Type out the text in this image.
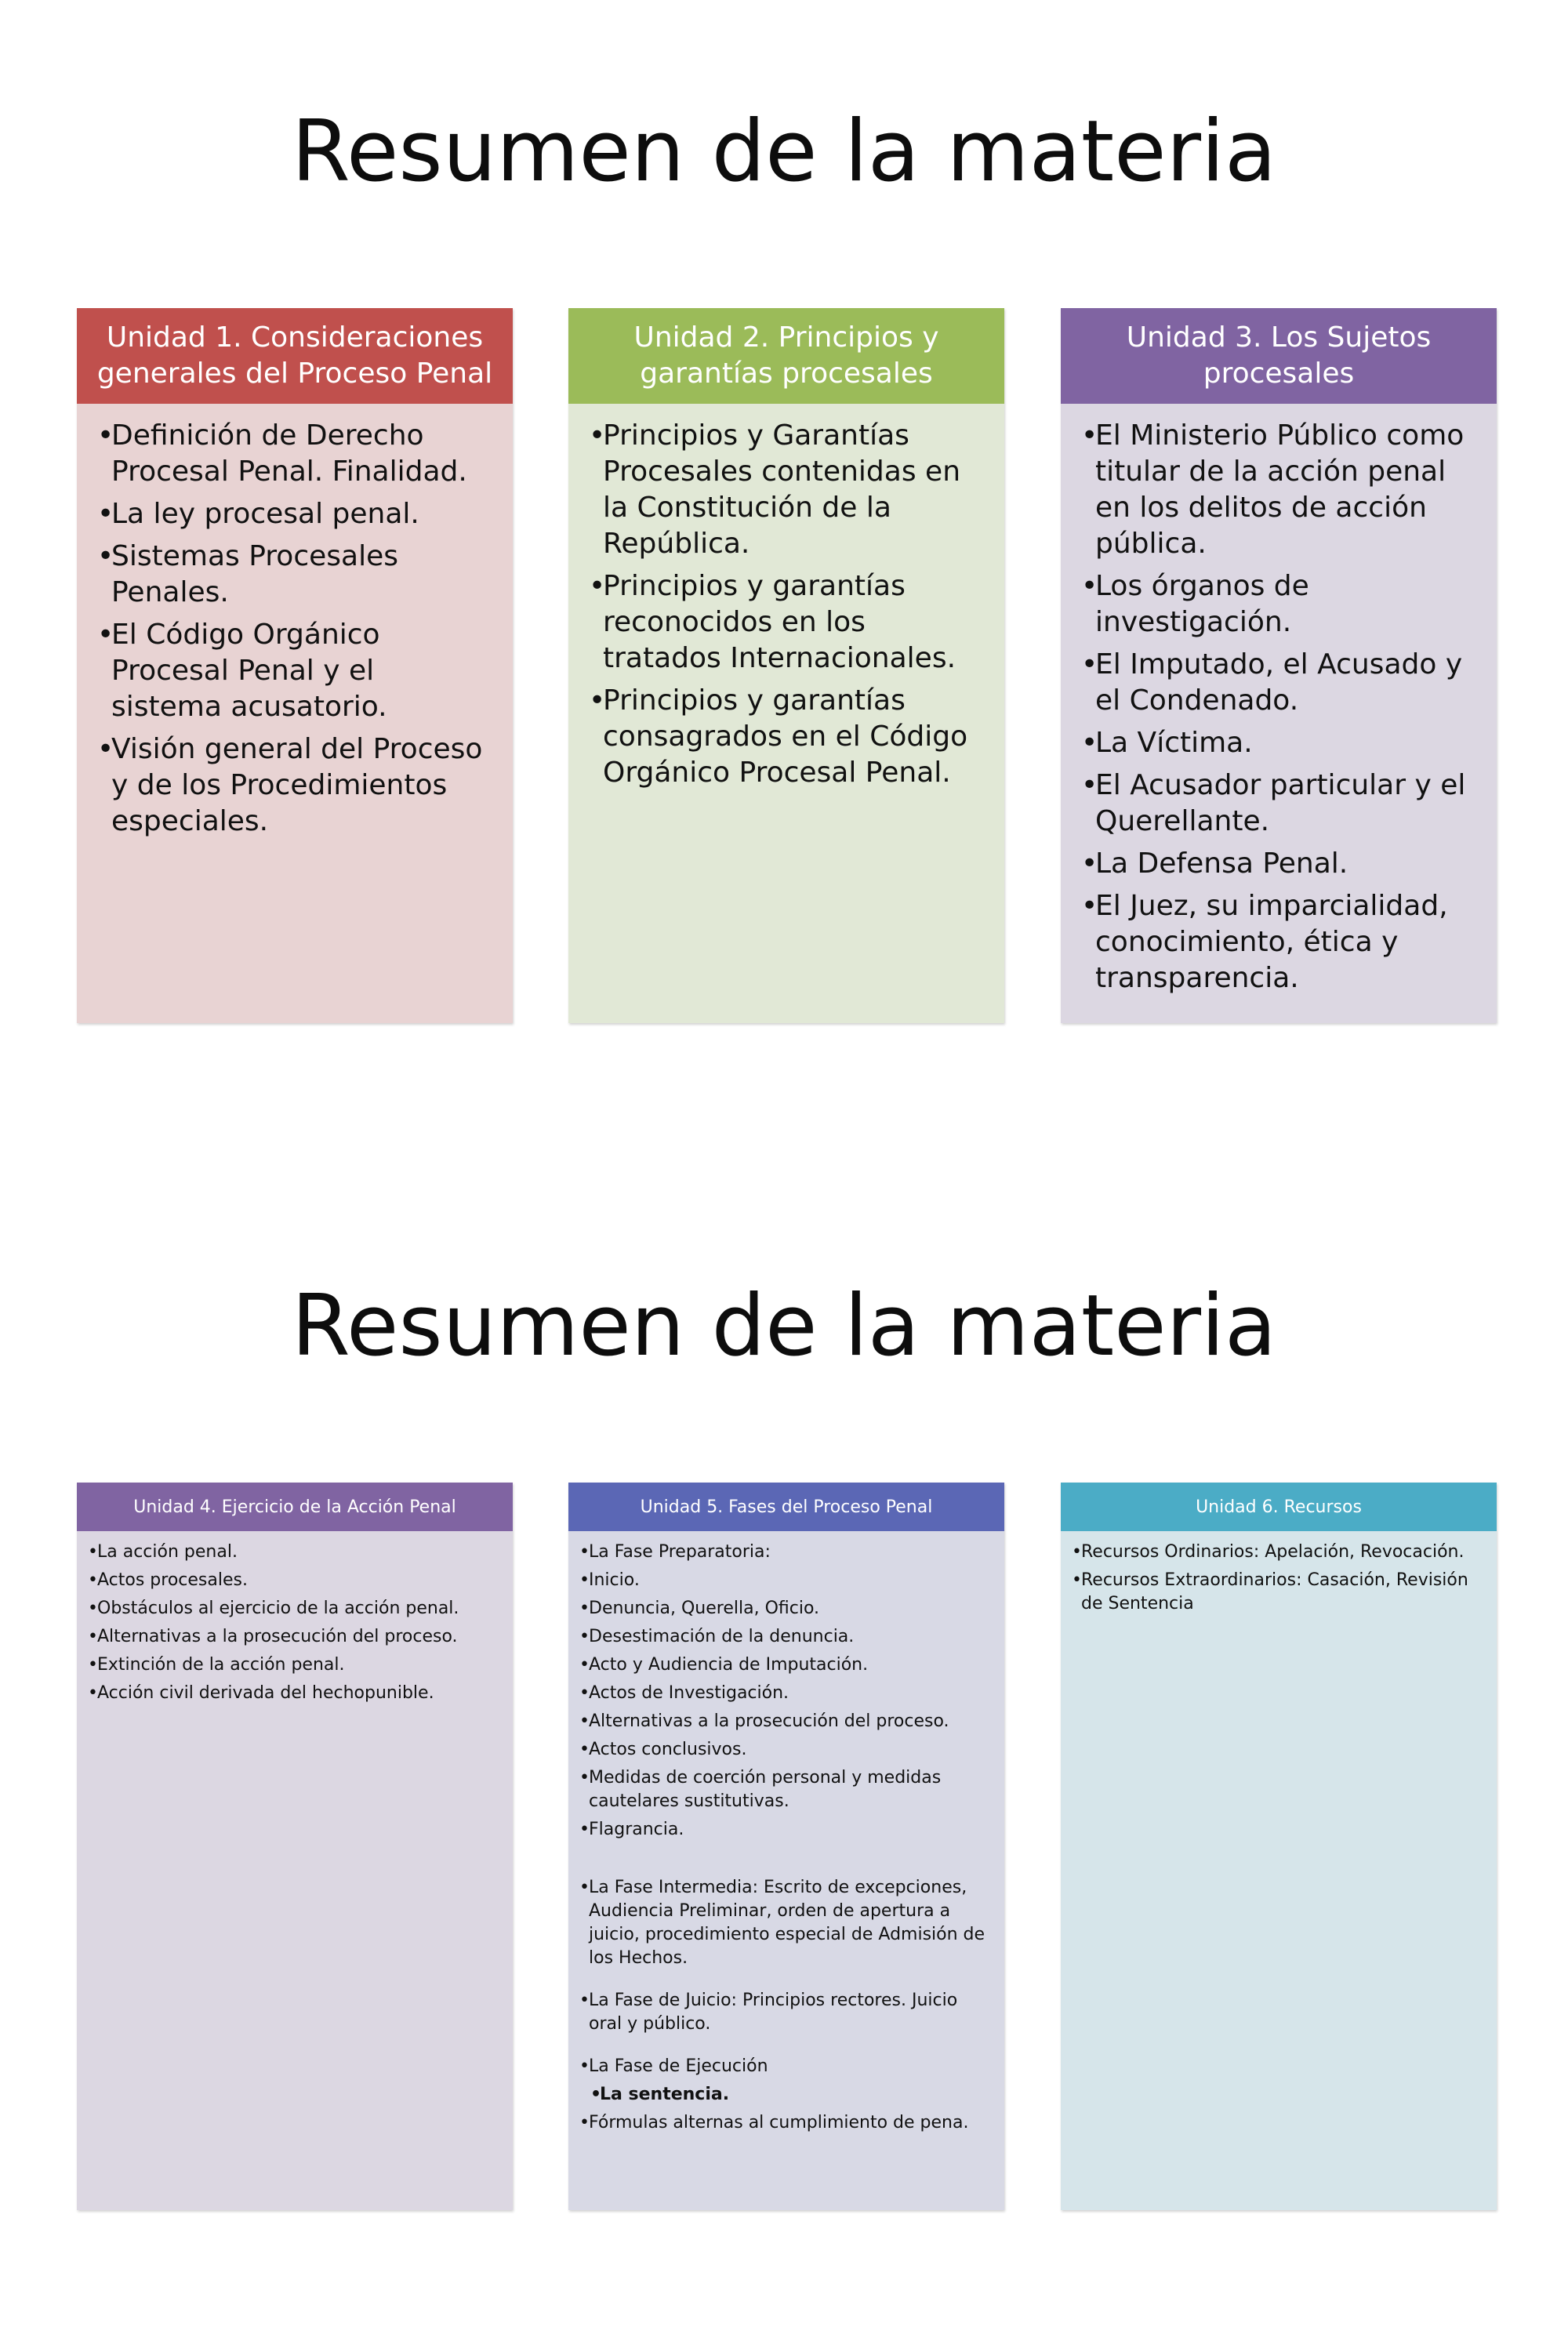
Resumen de la materia
Unidad 1. Consideraciones generales del Proceso Penal
• Definición de Derecho Procesal Penal. Finalidad.
• La ley procesal penal.
• Sistemas Procesales Penales.
• El Código Orgánico Procesal Penal y el sistema acusatorio.
• Visión general del Proceso y de los Procedimientos especiales.
Unidad 2. Principios y garantías procesales
• Principios y Garantías Procesales contenidas en la Constitución de la República.
• Principios y garantías reconocidos en los tratados Internacionales.
• Principios y garantías consagrados en el Código Orgánico Procesal Penal.
Unidad 3. Los Sujetos procesales
• El Ministerio Público como titular de la acción penal en los delitos de acción pública.
• Los órganos de investigación.
• El Imputado, el Acusado y el Condenado.
• La Víctima.
• El Acusador particular y el Querellante.
• La Defensa Penal.
• El Juez, su imparcialidad, conocimiento, ética y transparencia.
Resumen de la materia
Unidad 4. Ejercicio de la Acción Penal
• La acción penal.
• Actos procesales.
• Obstáculos al ejercicio de la acción penal.
• Alternativas a la prosecución del proceso.
• Extinción de la acción penal.
• Acción civil derivada del hechopunible.
Unidad 5. Fases del Proceso Penal
• La Fase Preparatoria:
• Inicio.
• Denuncia, Querella, Oficio.
• Desestimación de la denuncia.
• Acto y Audiencia de Imputación.
• Actos de Investigación.
• Alternativas a la prosecución del proceso.
• Actos conclusivos.
• Medidas de coerción personal y medidas cautelares sustitutivas.
• Flagrancia.
• La Fase Intermedia: Escrito de excepciones, Audiencia Preliminar, orden de apertura a juicio, procedimiento especial de Admisión de los Hechos.
• La Fase de Juicio: Principios rectores. Juicio oral y público.
• La Fase de Ejecución
• La sentencia.
• Fórmulas alternas al cumplimiento de pena.
Unidad 6. Recursos
• Recursos Ordinarios: Apelación, Revocación.
• Recursos Extraordinarios: Casación, Revisión de Sentencia
